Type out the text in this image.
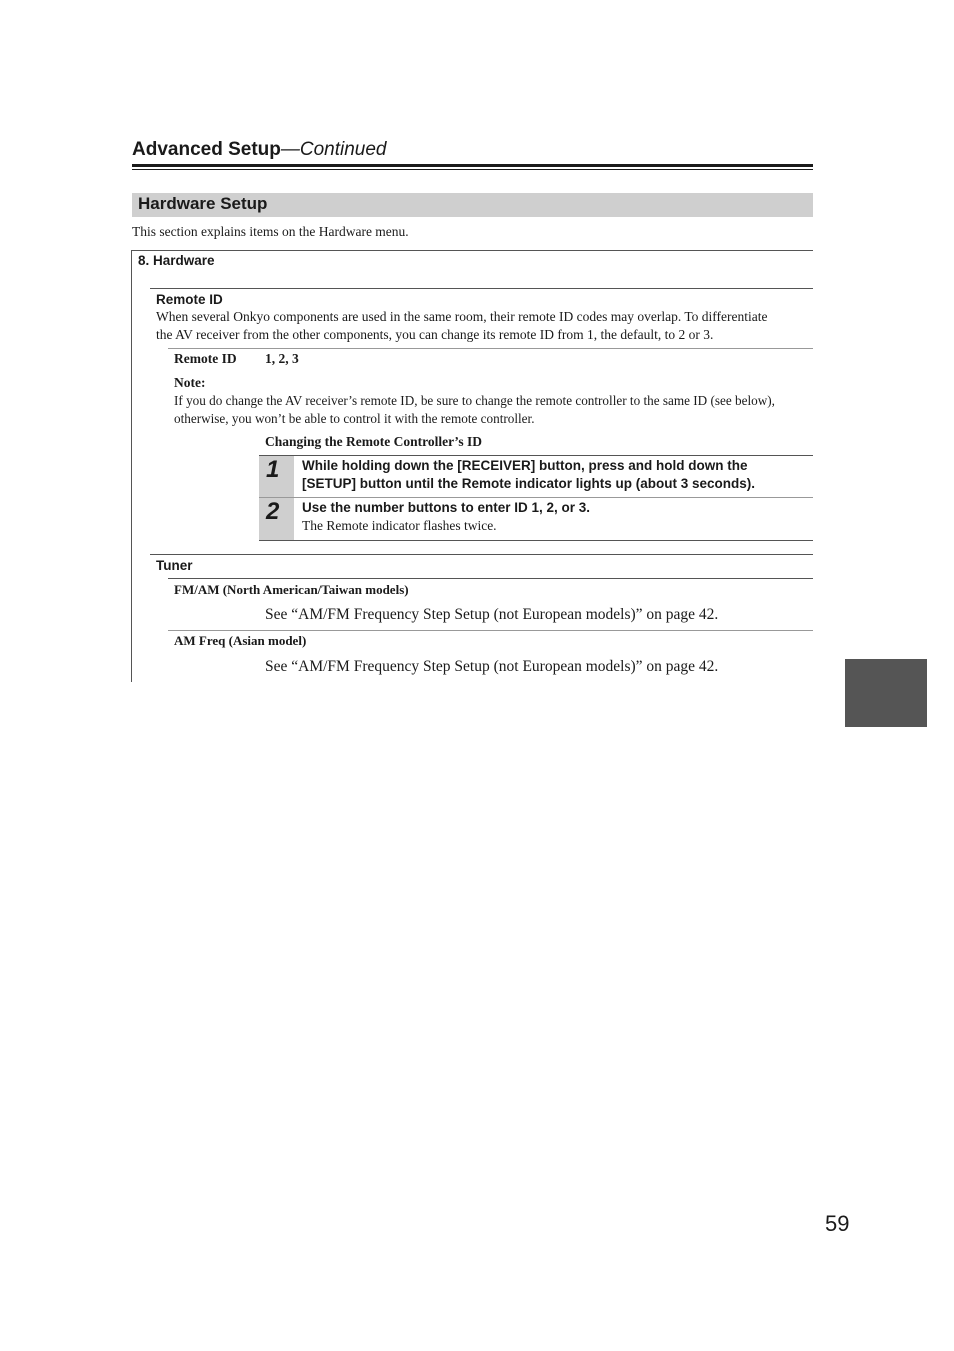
Advanced Setup—Continued
Hardware Setup
This section explains items on the Hardware menu.
8. Hardware
Remote ID
When several Onkyo components are used in the same room, their remote ID codes may overlap. To differentiate
the AV receiver from the other components, you can change its remote ID from 1, the default, to 2 or 3.
Remote ID 1, 2, 3
Note:
If you do change the AV receiver’s remote ID, be sure to change the remote controller to the same ID (see below),
otherwise, you won’t be able to control it with the remote controller.
Changing the Remote Controller’s ID
1 While holding down the [RECEIVER] button, press and hold down the
[SETUP] button until the Remote indicator lights up (about 3 seconds).
2 Use the number buttons to enter ID 1, 2, or 3.
The Remote indicator flashes twice.
Tuner
FM/AM (North American/Taiwan models)
See “AM/FM Frequency Step Setup (not European models)” on page 42.
AM Freq (Asian model)
See “AM/FM Frequency Step Setup (not European models)” on page 42.
59
